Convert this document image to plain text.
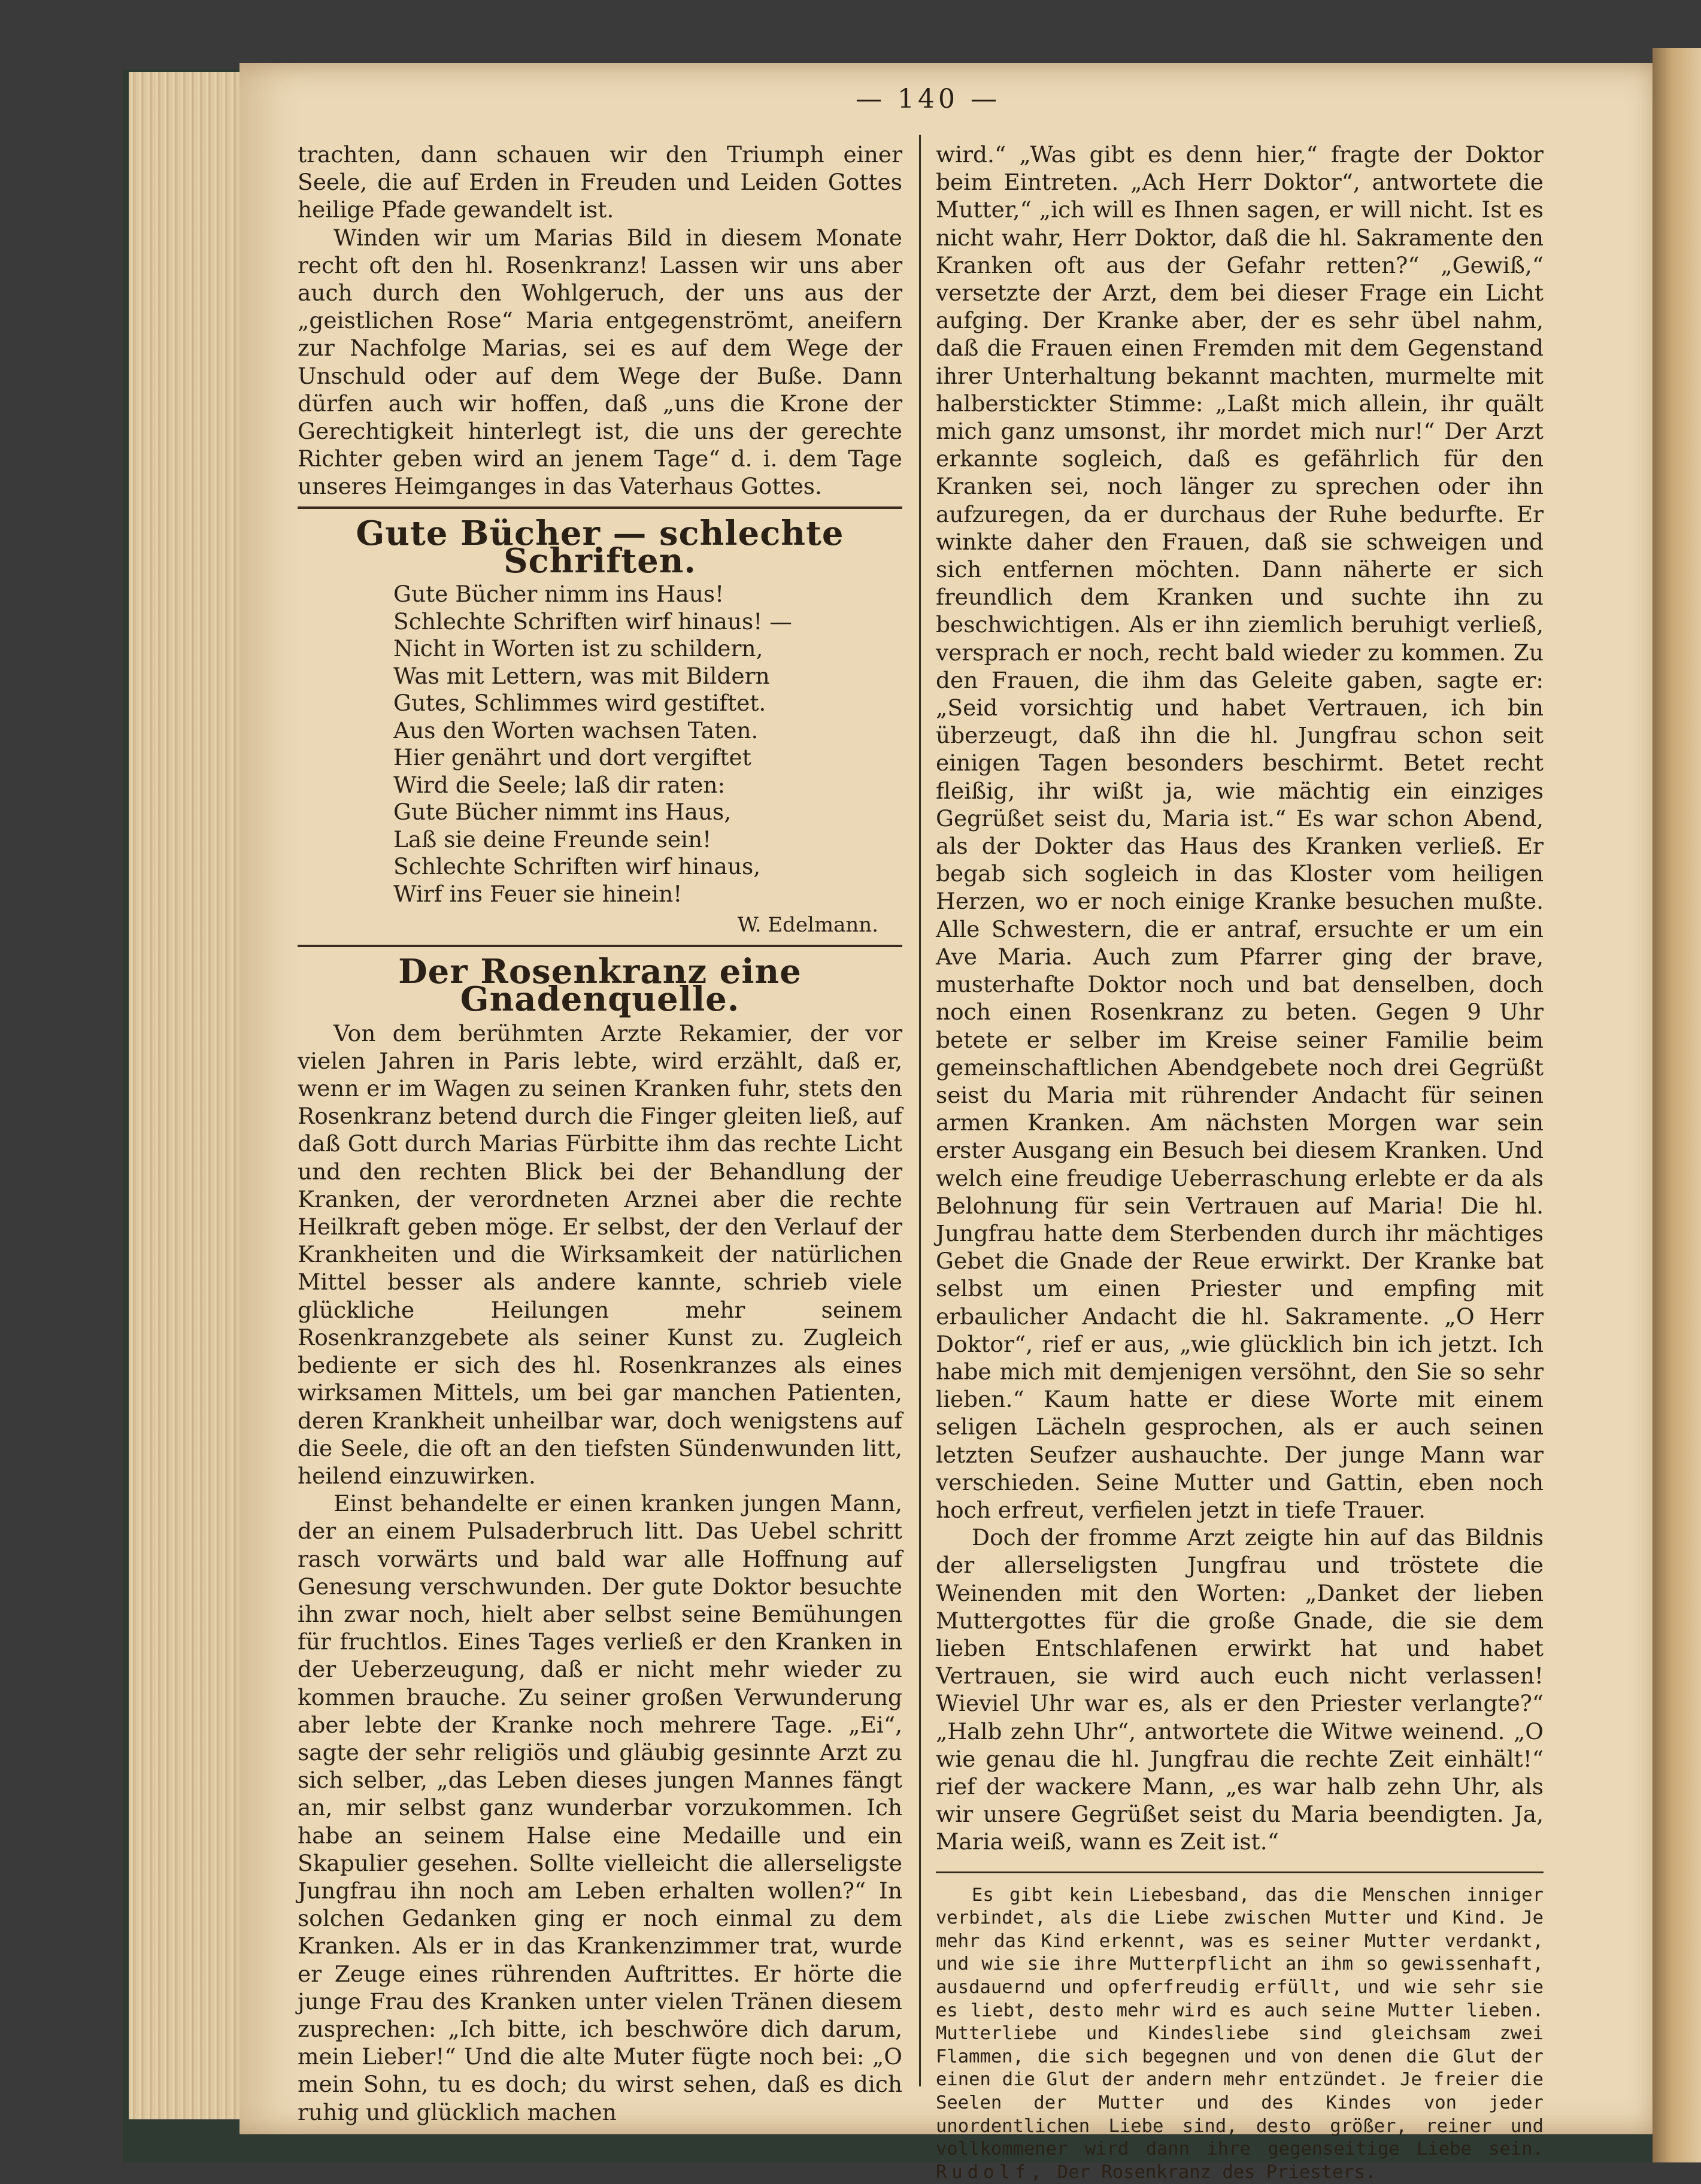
— 140 —

trachten, dann schauen wir den Triumph einer Seele, die auf Erden in Freuden und Leiden Gottes heilige Pfade gewandelt ist.

Winden wir um Marias Bild in diesem Monate recht oft den hl. Rosenkranz! Lassen wir uns aber auch durch den Wohlgeruch, der uns aus der „geistlichen Rose“ Maria entgegenströmt, aneifern zur Nachfolge Marias, sei es auf dem Wege der Unschuld oder auf dem Wege der Buße. Dann dürfen auch wir hoffen, daß „uns die Krone der Gerechtigkeit hinterlegt ist, die uns der gerechte Richter geben wird an jenem Tage“ d. i. dem Tage unseres Heimganges in das Vaterhaus Gottes.

Gute Bücher — schlechte Schriften.
Gute Bücher nimm ins Haus!
Schlechte Schriften wirf hinaus! —
Nicht in Worten ist zu schildern,
Was mit Lettern, was mit Bildern
Gutes, Schlimmes wird gestiftet.
Aus den Worten wachsen Taten.
Hier genährt und dort vergiftet
Wird die Seele; laß dir raten:
Gute Bücher nimmt ins Haus,
Laß sie deine Freunde sein!
Schlechte Schriften wirf hinaus,
Wirf ins Feuer sie hinein!
W. Edelmann.
Der Rosenkranz eine Gnadenquelle.

Von dem berühmten Arzte Rekamier, der vor vielen Jahren in Paris lebte, wird erzählt, daß er, wenn er im Wagen zu seinen Kranken fuhr, stets den Rosenkranz betend durch die Finger gleiten ließ, auf daß Gott durch Marias Fürbitte ihm das rechte Licht und den rechten Blick bei der Behandlung der Kranken, der verordneten Arznei aber die rechte Heilkraft geben möge. Er selbst, der den Verlauf der Krankheiten und die Wirksamkeit der natürlichen Mittel besser als andere kannte, schrieb viele glückliche Heilungen mehr seinem Rosenkranzgebete als seiner Kunst zu. Zugleich bediente er sich des hl. Rosenkranzes als eines wirksamen Mittels, um bei gar manchen Patienten, deren Krankheit unheilbar war, doch wenigstens auf die Seele, die oft an den tiefsten Sündenwunden litt, heilend einzuwirken.

Einst behandelte er einen kranken jungen Mann, der an einem Pulsaderbruch litt. Das Uebel schritt rasch vorwärts und bald war alle Hoffnung auf Genesung verschwunden. Der gute Doktor besuchte ihn zwar noch, hielt aber selbst seine Bemühungen für fruchtlos. Eines Tages verließ er den Kranken in der Ueberzeugung, daß er nicht mehr wieder zu kommen brauche. Zu seiner großen Verwunderung aber lebte der Kranke noch mehrere Tage. „Ei“, sagte der sehr religiös und gläubig gesinnte Arzt zu sich selber, „das Leben dieses jungen Mannes fängt an, mir selbst ganz wunderbar vorzukommen. Ich habe an seinem Halse eine Medaille und ein Skapulier gesehen. Sollte vielleicht die allerseligste Jungfrau ihn noch am Leben erhalten wollen?“ In solchen Gedanken ging er noch einmal zu dem Kranken. Als er in das Krankenzimmer trat, wurde er Zeuge eines rührenden Auftrittes. Er hörte die junge Frau des Kranken unter vielen Tränen diesem zusprechen: „Ich bitte, ich beschwöre dich darum, mein Lieber!“ Und die alte Muter fügte noch bei: „O mein Sohn, tu es doch; du wirst sehen, daß es dich ruhig und glücklich machen

wird.“ „Was gibt es denn hier,“ fragte der Doktor beim Eintreten. „Ach Herr Doktor“, antwortete die Mutter,“ „ich will es Ihnen sagen, er will nicht. Ist es nicht wahr, Herr Doktor, daß die hl. Sakramente den Kranken oft aus der Gefahr retten?“ „Gewiß,“ versetzte der Arzt, dem bei dieser Frage ein Licht aufging. Der Kranke aber, der es sehr übel nahm, daß die Frauen einen Fremden mit dem Gegenstand ihrer Unterhaltung bekannt machten, murmelte mit halberstickter Stimme: „Laßt mich allein, ihr quält mich ganz umsonst, ihr mordet mich nur!“ Der Arzt erkannte sogleich, daß es gefährlich für den Kranken sei, noch länger zu sprechen oder ihn aufzuregen, da er durchaus der Ruhe bedurfte. Er winkte daher den Frauen, daß sie schweigen und sich entfernen möchten. Dann näherte er sich freundlich dem Kranken und suchte ihn zu beschwichtigen. Als er ihn ziemlich beruhigt verließ, versprach er noch, recht bald wieder zu kommen. Zu den Frauen, die ihm das Geleite gaben, sagte er: „Seid vorsichtig und habet Vertrauen, ich bin überzeugt, daß ihn die hl. Jungfrau schon seit einigen Tagen besonders beschirmt. Betet recht fleißig, ihr wißt ja, wie mächtig ein einziges Gegrüßet seist du, Maria ist.“ Es war schon Abend, als der Dokter das Haus des Kranken verließ. Er begab sich sogleich in das Kloster vom heiligen Herzen, wo er noch einige Kranke besuchen mußte. Alle Schwestern, die er antraf, ersuchte er um ein Ave Maria. Auch zum Pfarrer ging der brave, musterhafte Doktor noch und bat denselben, doch noch einen Rosenkranz zu beten. Gegen 9 Uhr betete er selber im Kreise seiner Familie beim gemeinschaftlichen Abendgebete noch drei Gegrüßt seist du Maria mit rührender Andacht für seinen armen Kranken. Am nächsten Morgen war sein erster Ausgang ein Besuch bei diesem Kranken. Und welch eine freudige Ueberraschung erlebte er da als Belohnung für sein Vertrauen auf Maria! Die hl. Jungfrau hatte dem Sterbenden durch ihr mächtiges Gebet die Gnade der Reue erwirkt. Der Kranke bat selbst um einen Priester und empfing mit erbaulicher Andacht die hl. Sakramente. „O Herr Doktor“, rief er aus, „wie glücklich bin ich jetzt. Ich habe mich mit demjenigen versöhnt, den Sie so sehr lieben.“ Kaum hatte er diese Worte mit einem seligen Lächeln gesprochen, als er auch seinen letzten Seufzer aushauchte. Der junge Mann war verschieden. Seine Mutter und Gattin, eben noch hoch erfreut, verfielen jetzt in tiefe Trauer.

Doch der fromme Arzt zeigte hin auf das Bildnis der allerseligsten Jungfrau und tröstete die Weinenden mit den Worten: „Danket der lieben Muttergottes für die große Gnade, die sie dem lieben Entschlafenen erwirkt hat und habet Vertrauen, sie wird auch euch nicht verlassen! Wieviel Uhr war es, als er den Priester verlangte?“ „Halb zehn Uhr“, antwortete die Witwe weinend. „O wie genau die hl. Jungfrau die rechte Zeit einhält!“ rief der wackere Mann, „es war halb zehn Uhr, als wir unsere Gegrüßet seist du Maria beendigten. Ja, Maria weiß, wann es Zeit ist.“

Es gibt kein Liebesband, das die Menschen inniger verbindet, als die Liebe zwischen Mutter und Kind. Je mehr das Kind erkennt, was es seiner Mutter verdankt, und wie sie ihre Mutterpflicht an ihm so gewissenhaft, ausdauernd und opferfreudig erfüllt, und wie sehr sie es liebt, desto mehr wird es auch seine Mutter lieben. Mutterliebe und Kindesliebe sind gleichsam zwei Flammen, die sich begegnen und von denen die Glut der einen die Glut der andern mehr entzündet. Je freier die Seelen der Mutter und des Kindes von jeder unordentlichen Liebe sind, desto größer, reiner und vollkommener wird dann ihre gegenseitige Liebe sein. Rudolf, Der Rosenkranz des Priesters.
